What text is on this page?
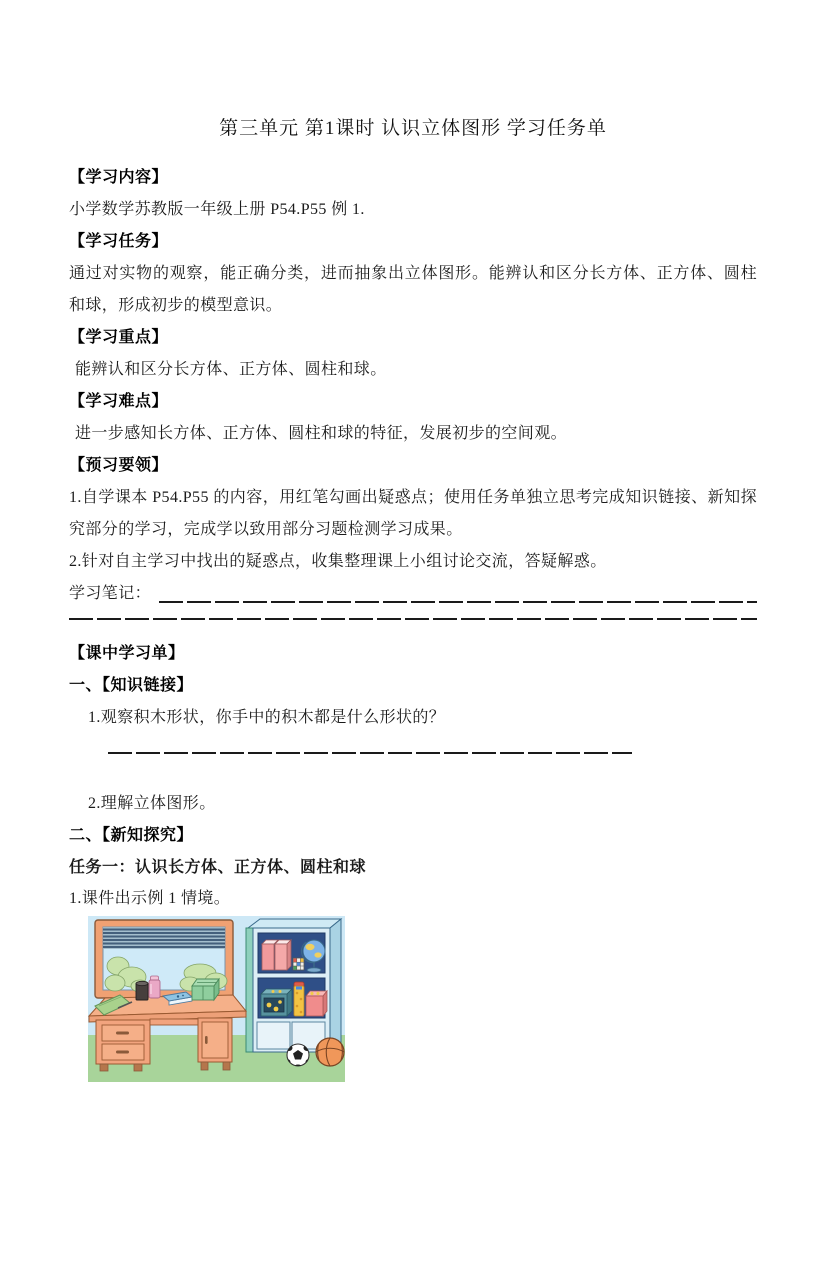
第三单元 第1课时 认识立体图形 学习任务单
【学习内容】
小学数学苏教版一年级上册 P54.P55 例 1.
【学习任务】
通过对实物的观察，能正确分类，进而抽象出立体图形。能辨认和区分长方体、正方体、圆柱和球，形成初步的模型意识。
【学习重点】
能辨认和区分长方体、正方体、圆柱和球。
【学习难点】
进一步感知长方体、正方体、圆柱和球的特征，发展初步的空间观。
【预习要领】
1.自学课本 P54.P55 的内容，用红笔勾画出疑惑点；使用任务单独立思考完成知识链接、新知探究部分的学习，完成学以致用部分习题检测学习成果。
2.针对自主学习中找出的疑惑点，收集整理课上小组讨论交流，答疑解惑。
学习笔记：
【课中学习单】
一、【知识链接】
1.观察积木形状，你手中的积木都是什么形状的？
2.理解立体图形。
二、【新知探究】
任务一：认识长方体、正方体、圆柱和球
1.课件出示例 1 情境。
